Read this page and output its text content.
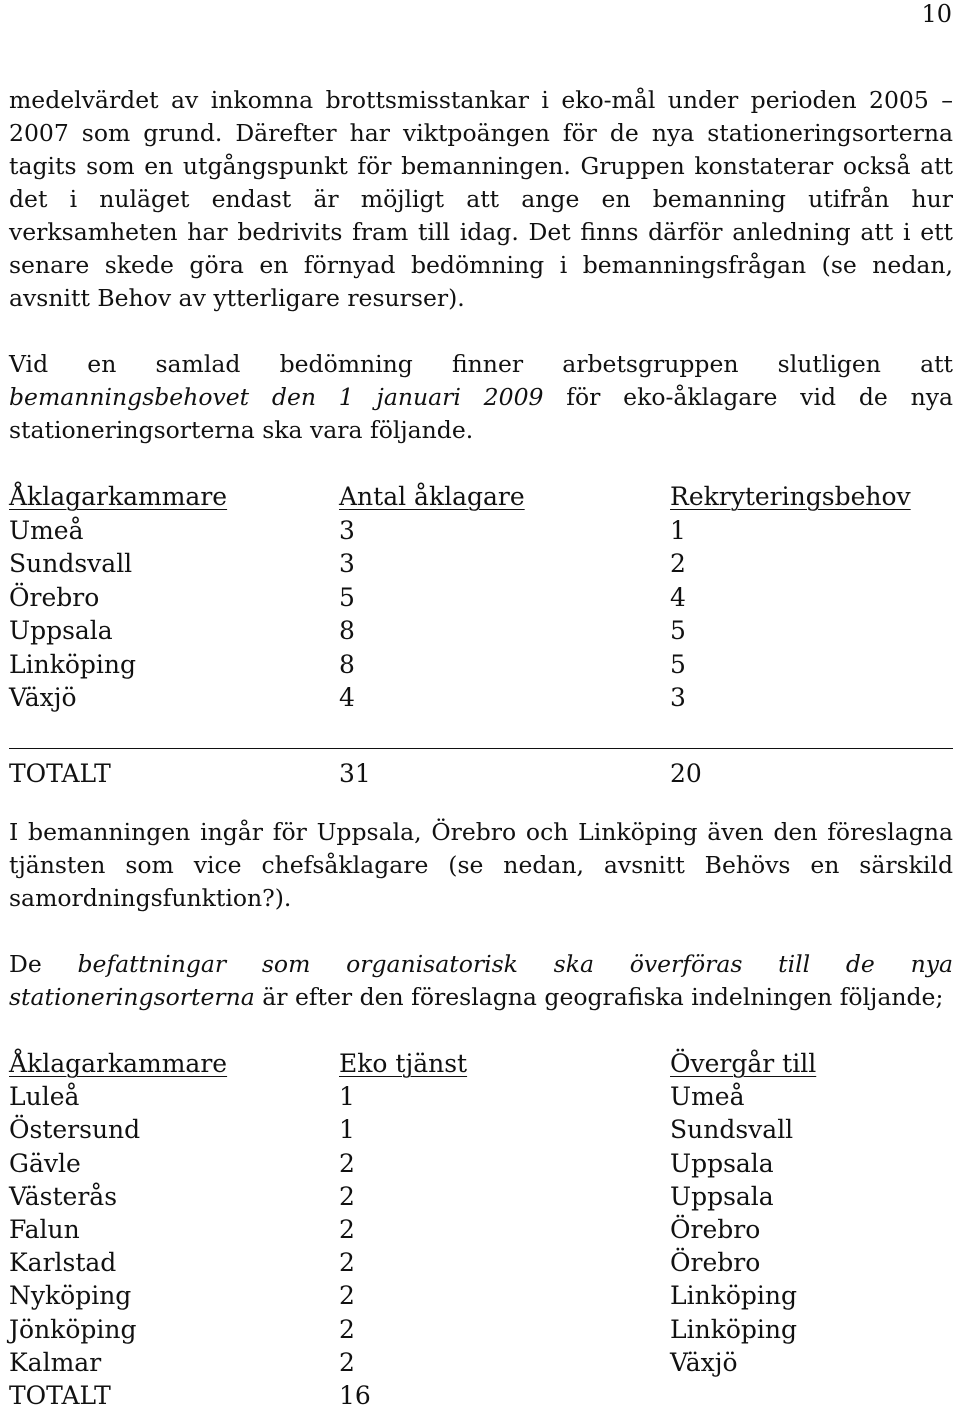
10

medelvärdet av inkomna brottsmisstankar i eko-mål under perioden 2005 – 2007 som grund. Därefter har viktpoängen för de nya stationeringsorterna tagits som en utgångspunkt för bemanningen. Gruppen konstaterar också att det i nuläget endast är möjligt att ange en bemanning utifrån hur verksamheten har bedrivits fram till idag. Det finns därför anledning att i ett senare skede göra en förnyad bedömning i bemanningsfrågan (se nedan, avsnitt Behov av ytterligare resurser).

Vid en samlad bedömning finner arbetsgruppen slutligen att bemanningsbehovet den 1 januari 2009 för eko-åklagare vid de nya stationeringsorterna ska vara följande.

Åklagarkammare	Antal åklagare	Rekryteringsbehov
Umeå	3	1
Sundsvall	3	2
Örebro	5	4
Uppsala	8	5
Linköping	8	5
Växjö	4	3

TOTALT	31	20

I bemanningen ingår för Uppsala, Örebro och Linköping även den föreslagna tjänsten som vice chefsåklagare (se nedan, avsnitt Behövs en särskild samordningsfunktion?).

De befattningar som organisatorisk ska överföras till de nya stationeringsorterna är efter den föreslagna geografiska indelningen följande;

Åklagarkammare	Eko tjänst	Övergår till
Luleå	1	Umeå
Östersund	1	Sundsvall
Gävle	2	Uppsala
Västerås	2	Uppsala
Falun	2	Örebro
Karlstad	2	Örebro
Nyköping	2	Linköping
Jönköping	2	Linköping
Kalmar	2	Växjö
TOTALT	16	
